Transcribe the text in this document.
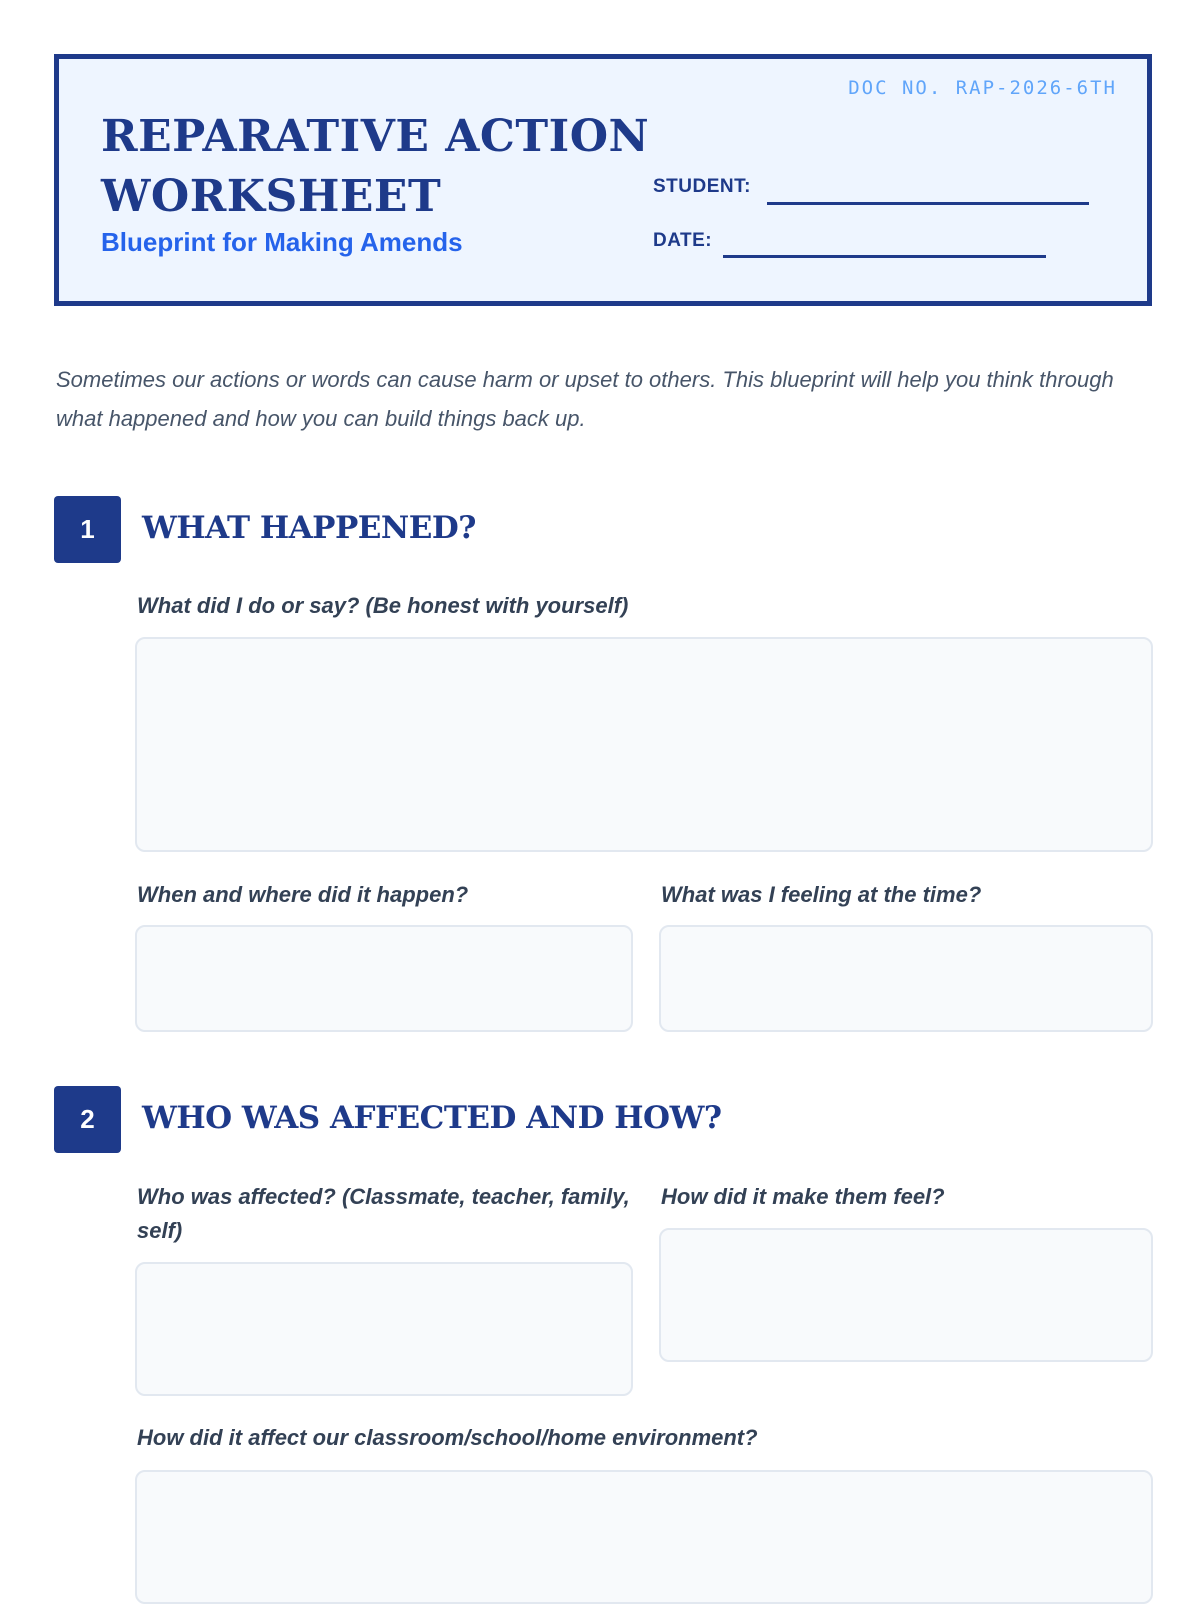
DOC NO. RAP-2026-6TH
REPARATIVE ACTION
WORKSHEET
Blueprint for Making Amends
STUDENT:
DATE:

Sometimes our actions or words can cause harm or upset to others. This blueprint will help you think through what happened and how you can build things back up.

1	WHAT HAPPENED?
What did I do or say? (Be honest with yourself)
When and where did it happen?	What was I feeling at the time?
2	WHO WAS AFFECTED AND HOW?
Who was affected? (Classmate, teacher, family, self)
How did it make them feel?
How did it affect our classroom/school/home environment?
